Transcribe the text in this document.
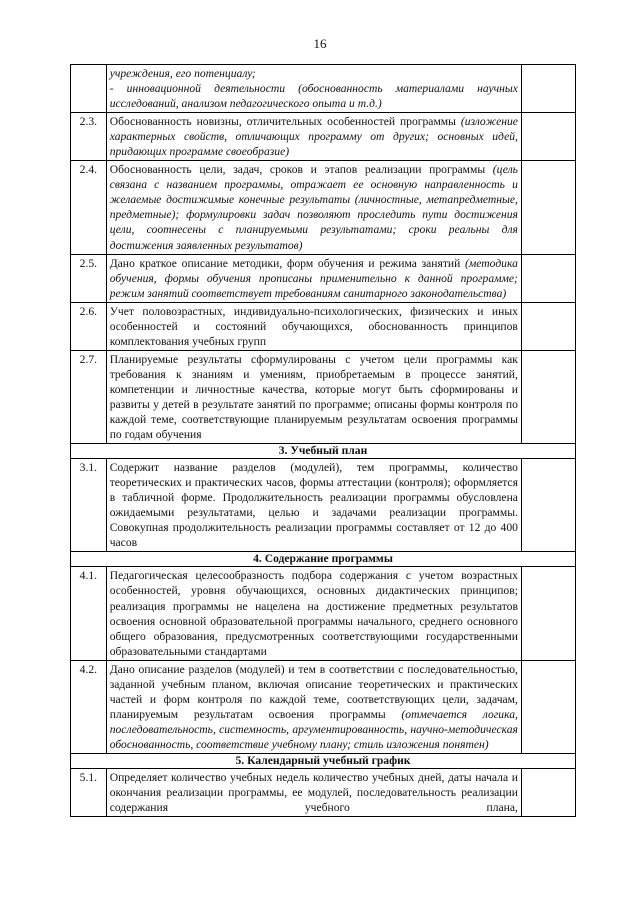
16

	учреждения, его потенциалу;
- инновационной деятельности (обоснованность материалами научных исследований, анализом педагогического опыта и т.д.)	

2.3.	Обоснованность новизны, отличительных особенностей программы (изложение характерных свойств, отличающих программу от других; основных идей, придающих программе своеобразие)	
2.4.	Обоснованность цели, задач, сроков и этапов реализации программы (цель связана с названием программы, отражает ее основную направленность и желаемые достижимые конечные результаты (личностные, метапредметные, предметные); формулировки задач позволяют проследить пути достижения цели, соотнесены с планируемыми результатами; сроки реальны для достижения заявленных результатов)	
2.5.	Дано краткое описание методики, форм обучения и режима занятий (методика обучения, формы обучения прописаны применительно к данной программе; режим занятий соответствует требованиям санитарного законодательства)	
2.6.	Учет половозрастных, индивидуально-психологических, физических и иных особенностей и состояний обучающихся, обоснованность принципов комплектования учебных групп	
2.7.	Планируемые результаты сформулированы с учетом цели программы как требования к знаниям и умениям, приобретаемым в процессе занятий, компетенции и личностные качества, которые могут быть сформированы и развиты у детей в результате занятий по программе; описаны формы контроля по каждой теме, соответствующие планируемым результатам освоения программы по годам обучения	
3. Учебный план		
3.1.	Содержит название разделов (модулей), тем программы, количество теоретических и практических часов, формы аттестации (контроля); оформляется в табличной форме. Продолжительность реализации программы обусловлена ожидаемыми результатами, целью и задачами реализации программы. Совокупная продолжительность реализации программы составляет от 12 до 400 часов	
4. Содержание программы		
4.1.	Педагогическая целесообразность подбора содержания с учетом возрастных особенностей, уровня обучающихся, основных дидактических принципов; реализация программы не нацелена на достижение предметных результатов освоения основной образовательной программы начального, среднего основного общего образования, предусмотренных соответствующими государственными образовательными стандартами	
4.2.	Дано описание разделов (модулей) и тем в соответствии с последовательностью, заданной учебным планом, включая описание теоретических и практических частей и форм контроля по каждой теме, соответствующих цели, задачам, планируемым результатам освоения программы (отмечается логика, последовательность, системность, аргументированность, научно-методическая обоснованность, соответствие учебному плану; стиль изложения понятен)	
5. Календарный учебный график		
5.1.	Определяет количество учебных недель количество учебных дней, даты начала и окончания реализации программы, ее модулей, последовательность реализации содержания учебного плана,	
